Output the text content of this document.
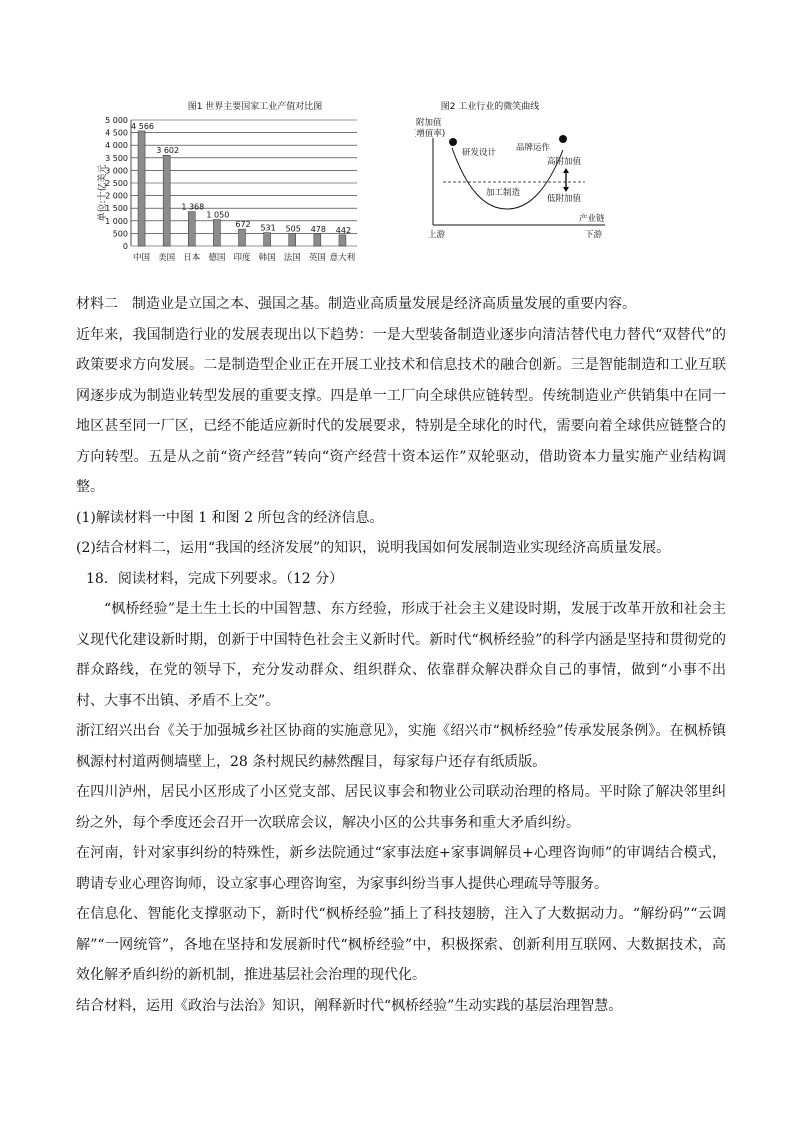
图1 世界主要国家工业产值对比图
单位:十亿美元
0
500
1 000
1 500
2 000
2 500
3 000
3 500
4 000
4 500
5 000
4 566
3 602
1 368
1 050
672 531 505 478 442
中国 美国 日本 德国 印度 韩国 法国 英国 意大利
图2 工业行业的微笑曲线
附加值
(增值率)
研发设计 品牌运作
高附加值
加工制造
低附加值
产业链
上游	下游

材料二　制造业是立国之本、强国之基。制造业高质量发展是经济高质量发展的重要内容。

近年来，我国制造行业的发展表现出以下趋势：一是大型装备制造业逐步向清洁替代电力替代“双替代”的政策要求方向发展。二是制造型企业正在开展工业技术和信息技术的融合创新。三是智能制造和工业互联网逐步成为制造业转型发展的重要支撑。四是单一工厂向全球供应链转型。传统制造业产供销集中在同一地区甚至同一厂区，已经不能适应新时代的发展要求，特别是全球化的时代，需要向着全球供应链整合的方向转型。五是从之前“资产经营”转向“资产经营十资本运作”双轮驱动，借助资本力量实施产业结构调整。

(1)解读材料一中图 1 和图 2 所包含的经济信息。

(2)结合材料二，运用“我国的经济发展”的知识，说明我国如何发展制造业实现经济高质量发展。

18．阅读材料，完成下列要求。（12 分）

“枫桥经验”是土生土长的中国智慧、东方经验，形成于社会主义建设时期，发展于改革开放和社会主义现代化建设新时期，创新于中国特色社会主义新时代。新时代“枫桥经验”的科学内涵是坚持和贯彻党的群众路线，在党的领导下，充分发动群众、组织群众、依靠群众解决群众自己的事情，做到“小事不出村、大事不出镇、矛盾不上交”。

浙江绍兴出台《关于加强城乡社区协商的实施意见》，实施《绍兴市“枫桥经验”传承发展条例》。在枫桥镇枫源村村道两侧墙壁上，28 条村规民约赫然醒目，每家每户还存有纸质版。

在四川泸州，居民小区形成了小区党支部、居民议事会和物业公司联动治理的格局。平时除了解决邻里纠纷之外，每个季度还会召开一次联席会议，解决小区的公共事务和重大矛盾纠纷。

在河南，针对家事纠纷的特殊性，新乡法院通过“家事法庭+家事调解员+心理咨询师”的审调结合模式，聘请专业心理咨询师，设立家事心理咨询室，为家事纠纷当事人提供心理疏导等服务。

在信息化、智能化支撑驱动下，新时代“枫桥经验”插上了科技翅膀，注入了大数据动力。“解纷码”“云调解”“一网统管”，各地在坚持和发展新时代“枫桥经验”中，积极探索、创新利用互联网、大数据技术，高效化解矛盾纠纷的新机制，推进基层社会治理的现代化。

结合材料，运用《政治与法治》知识，阐释新时代“枫桥经验”生动实践的基层治理智慧。
